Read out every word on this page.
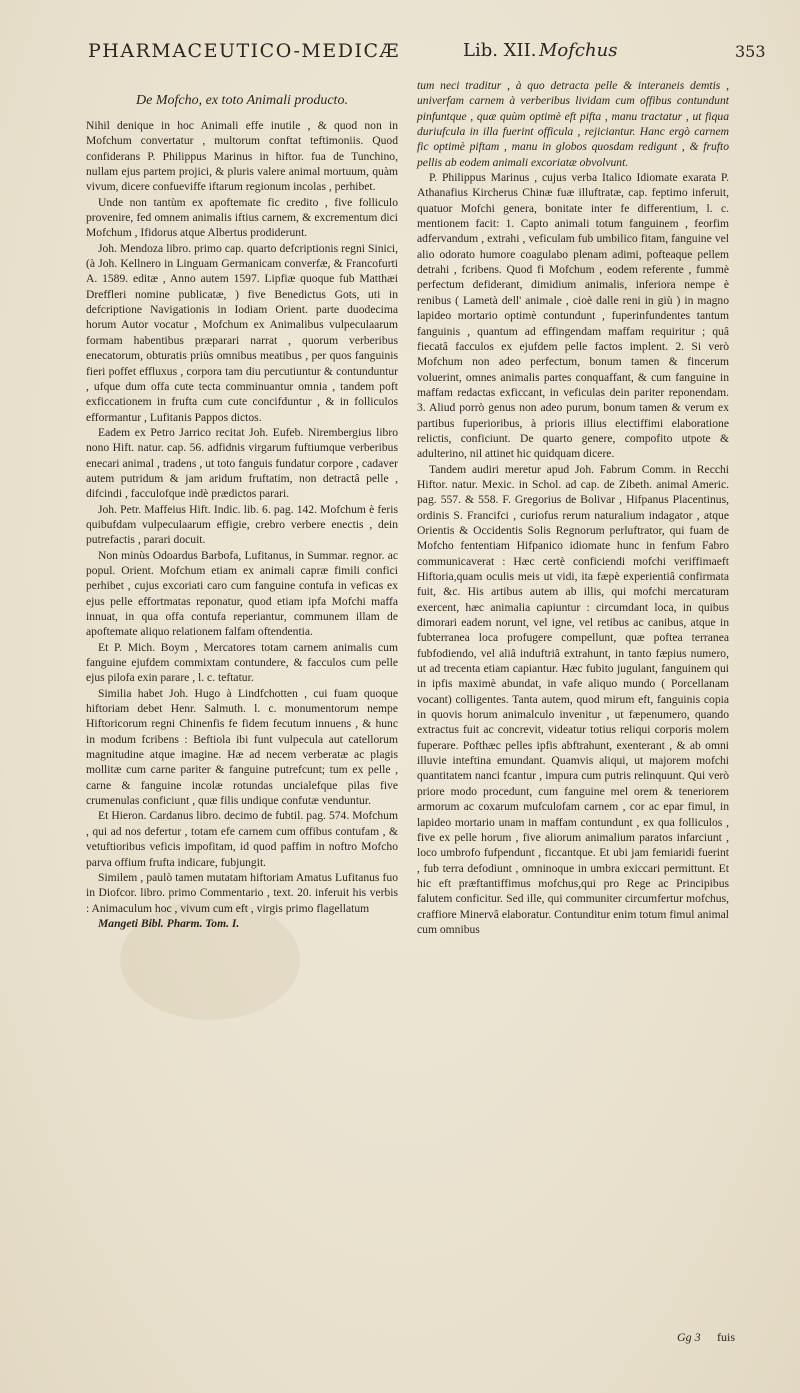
PHARMACEUTICO-MEDICÆ	Lib. XII. Mofchus	353
De Mofcho, ex toto Animali producto.

Nihil denique in hoc Animali effe inutile , & quod non in Mofchum convertatur , multorum conftat teftimoniis. Quod confiderans P. Philippus Marinus in hiftor. fua de Tunchino, nullam ejus partem projici, & pluris valere animal mortuum, quàm vivum, dicere confueviffe iftarum regionum incolas , perhibet.

Unde non tantùm ex apoftemate fic credito , five folliculo provenire, fed omnem animalis iftius carnem, & excrementum dici Mofchum , Ifidorus atque Albertus prodiderunt.

Joh. Mendoza libro. primo cap. quarto defcriptionis regni Sinici, (à Joh. Kellnero in Linguam Germanicam converfæ, & Francofurti A. 1589. editæ , Anno autem 1597. Lipfiæ quoque fub Matthæi Dreffleri nomine publicatæ, ) five Benedictus Gots, uti in defcriptione Navigationis in Iodiam Orient. parte duodecima horum Autor vocatur , Mofchum ex Animalibus vulpeculaarum formam habentibus præparari narrat , quorum verberibus enecatorum, obturatis priùs omnibus meatibus , per quos fanguinis fieri poffet effluxus , corpora tam diu percutiuntur & contunduntur , ufque dum offa cute tecta comminuantur omnia , tandem poft exficcationem in frufta cum cute concifduntur , & in folliculos efformantur , Lufitanis Pappos dictos.

Eadem ex Petro Jarrico recitat Joh. Eufeb. Nirembergius libro nono Hift. natur. cap. 56. adfidnis virgarum fuftiumque verberibus enecari animal , tradens , ut toto fanguis fundatur corpore , cadaver autem putridum & jam aridum fruftatim, non detractâ pelle , difcindi , facculofque indè prædictos parari.

Joh. Petr. Maffeius Hift. Indic. lib. 6. pag. 142. Mofchum è feris quibufdam vulpeculaarum effigie, crebro verbere enectis , dein putrefactis , parari docuit.

Non minùs Odoardus Barbofa, Lufitanus, in Summar. regnor. ac popul. Orient. Mofchum etiam ex animali capræ fimili confici perhibet , cujus excoriati caro cum fanguine contufa in veficas ex ejus pelle effortmatas reponatur, quod etiam ipfa Mofchi maffa innuat, in qua offa contufa reperiantur, communem illam de apoftemate aliquo relationem falfam oftendentia.

Et P. Mich. Boym , Mercatores totam carnem animalis cum fanguine ejufdem commixtam contundere, & facculos cum pelle ejus pilofa exin parare , l. c. teftatur.

Similia habet Joh. Hugo à Lindfchotten , cui fuam quoque hiftoriam debet Henr. Salmuth. l. c. monumentorum nempe Hiftoricorum regni Chinenfis fe fidem fecutum innuens , & hunc in modum fcribens : Beftiola ibi funt vulpecula aut catellorum magnitudine atque imagine. Hæ ad necem verberatæ ac plagis mollitæ cum carne pariter & fanguine putrefcunt; tum ex pelle , carne & fanguine incolæ rotundas uncialefque pilas five crumenulas conficiunt , quæ filis undique confutæ venduntur.

Et Hieron. Cardanus libro. decimo de fubtil. pag. 574. Mofchum , qui ad nos defertur , totam efe carnem cum offibus contufam , & vetuftioribus veficis impofitam, id quod paffim in noftro Mofcho parva offium frufta indicare, fubjungit.

Similem , paulò tamen mutatam hiftoriam Amatus Lufitanus fuo in Diofcor. libro. primo Commentario , text. 20. inferuit his verbis : Animaculum hoc , vivum cum eft , virgis primo flagellatum

Mangeti Bibl. Pharm. Tom. I.

tum neci traditur , à quo detracta pelle & interaneis demtis , univerfam carnem à verberibus lividam cum offibus contundunt pinfuntque , quæ quùm optimè eft pifta , manu tractatur , ut fiqua duriufcula in illa fuerint officula , rejiciantur. Hanc ergò carnem fic optimè piftam , manu in globos quosdam redigunt , & frufto pellis ab eodem animali excoriatæ obvolvunt.

P. Philippus Marinus , cujus verba Italico Idiomate exarata P. Athanafius Kircherus Chinæ fuæ illuftratæ, cap. feptimo inferuit, quatuor Mofchi genera, bonitate inter fe differentium, l. c. mentionem facit: 1. Capto animali totum fanguinem , feorfim adfervandum , extrahi , veficulam fub umbilico fitam, fanguine vel alio odorato humore coagulabo plenam adimi, pofteaque pellem detrahi , fcribens. Quod fi Mofchum , eodem referente , fummè perfectum defiderant, dimidium animalis, inferiora nempe è renibus ( Lametà dell' animale , cioè dalle reni in giù ) in magno lapideo mortario optimè contundunt , fuperinfundentes tantum fanguinis , quantum ad effingendam maffam requiritur ; quâ fiecatâ facculos ex ejufdem pelle factos implent. 2. Si verò Mofchum non adeo perfectum, bonum tamen & fincerum voluerint, omnes animalis partes conquaffant, & cum fanguine in maffam redactas exficcant, in veficulas dein pariter reponendam. 3. Aliud porrò genus non adeo purum, bonum tamen & verum ex partibus fuperioribus, à prioris illius electiffimi elaboratione relictis, conficiunt. De quarto genere, compofito utpote & adulterino, nil attinet hic quidquam dicere.

Tandem audiri meretur apud Joh. Fabrum Comm. in Recchi Hiftor. natur. Mexic. in Schol. ad cap. de Zibeth. animal Americ. pag. 557. & 558. F. Gregorius de Bolivar , Hifpanus Placentinus, ordinis S. Francifci , curiofus rerum naturalium indagator , atque Orientis & Occidentis Solis Regnorum perluftrator, qui fuam de Mofcho fententiam Hifpanico idiomate hunc in fenfum Fabro communicaverat : Hæc certè conficiendi mofchi veriffimaeft Hiftoria,quam oculis meis ut vidi, ita fæpè experientiâ confirmata fuit, &c. His artibus autem ab illis, qui mofchi mercaturam exercent, hæc animalia capiuntur : circumdant loca, in quibus dimorari eadem norunt, vel igne, vel retibus ac canibus, atque in fubterranea loca profugere compellunt, quæ poftea terranea fubfodiendo, vel aliâ induftriâ extrahunt, in tanto fæpius numero, ut ad trecenta etiam capiantur. Hæc fubito jugulant, fanguinem qui in ipfis maximè abundat, in vafe aliquo mundo ( Porcellanam vocant) colligentes. Tanta autem, quod mirum eft, fanguinis copia in quovis horum animalculo invenitur , ut fæpenumero, quando extractus fuit ac concrevit, videatur totius reliqui corporis molem fuperare. Pofthæc pelles ipfis abftrahunt, exenterant , & ab omni illuvie inteftina emundant. Quamvis aliqui, ut majorem mofchi quantitatem nanci fcantur , impura cum putris relinquunt. Qui verò priore modo procedunt, cum fanguine mel orem & teneriorem armorum ac coxarum mufculofam carnem , cor ac epar fimul, in lapideo mortario unam in maffam contundunt , ex qua folliculos , five ex pelle horum , five aliorum animalium paratos infarciunt , loco umbrofo fufpendunt , ficcantque. Et ubi jam femiaridi fuerint , fub terra defodiunt , omninoque in umbra exiccari permittunt. Et hic eft præftantiffimus mofchus,qui pro Rege ac Principibus falutem conficitur. Sed ille, qui communiter circumfertur mofchus, craffiore Minervâ elaboratur. Contunditur enim totum fimul animal cum omnibus

Gg 3 fuis
